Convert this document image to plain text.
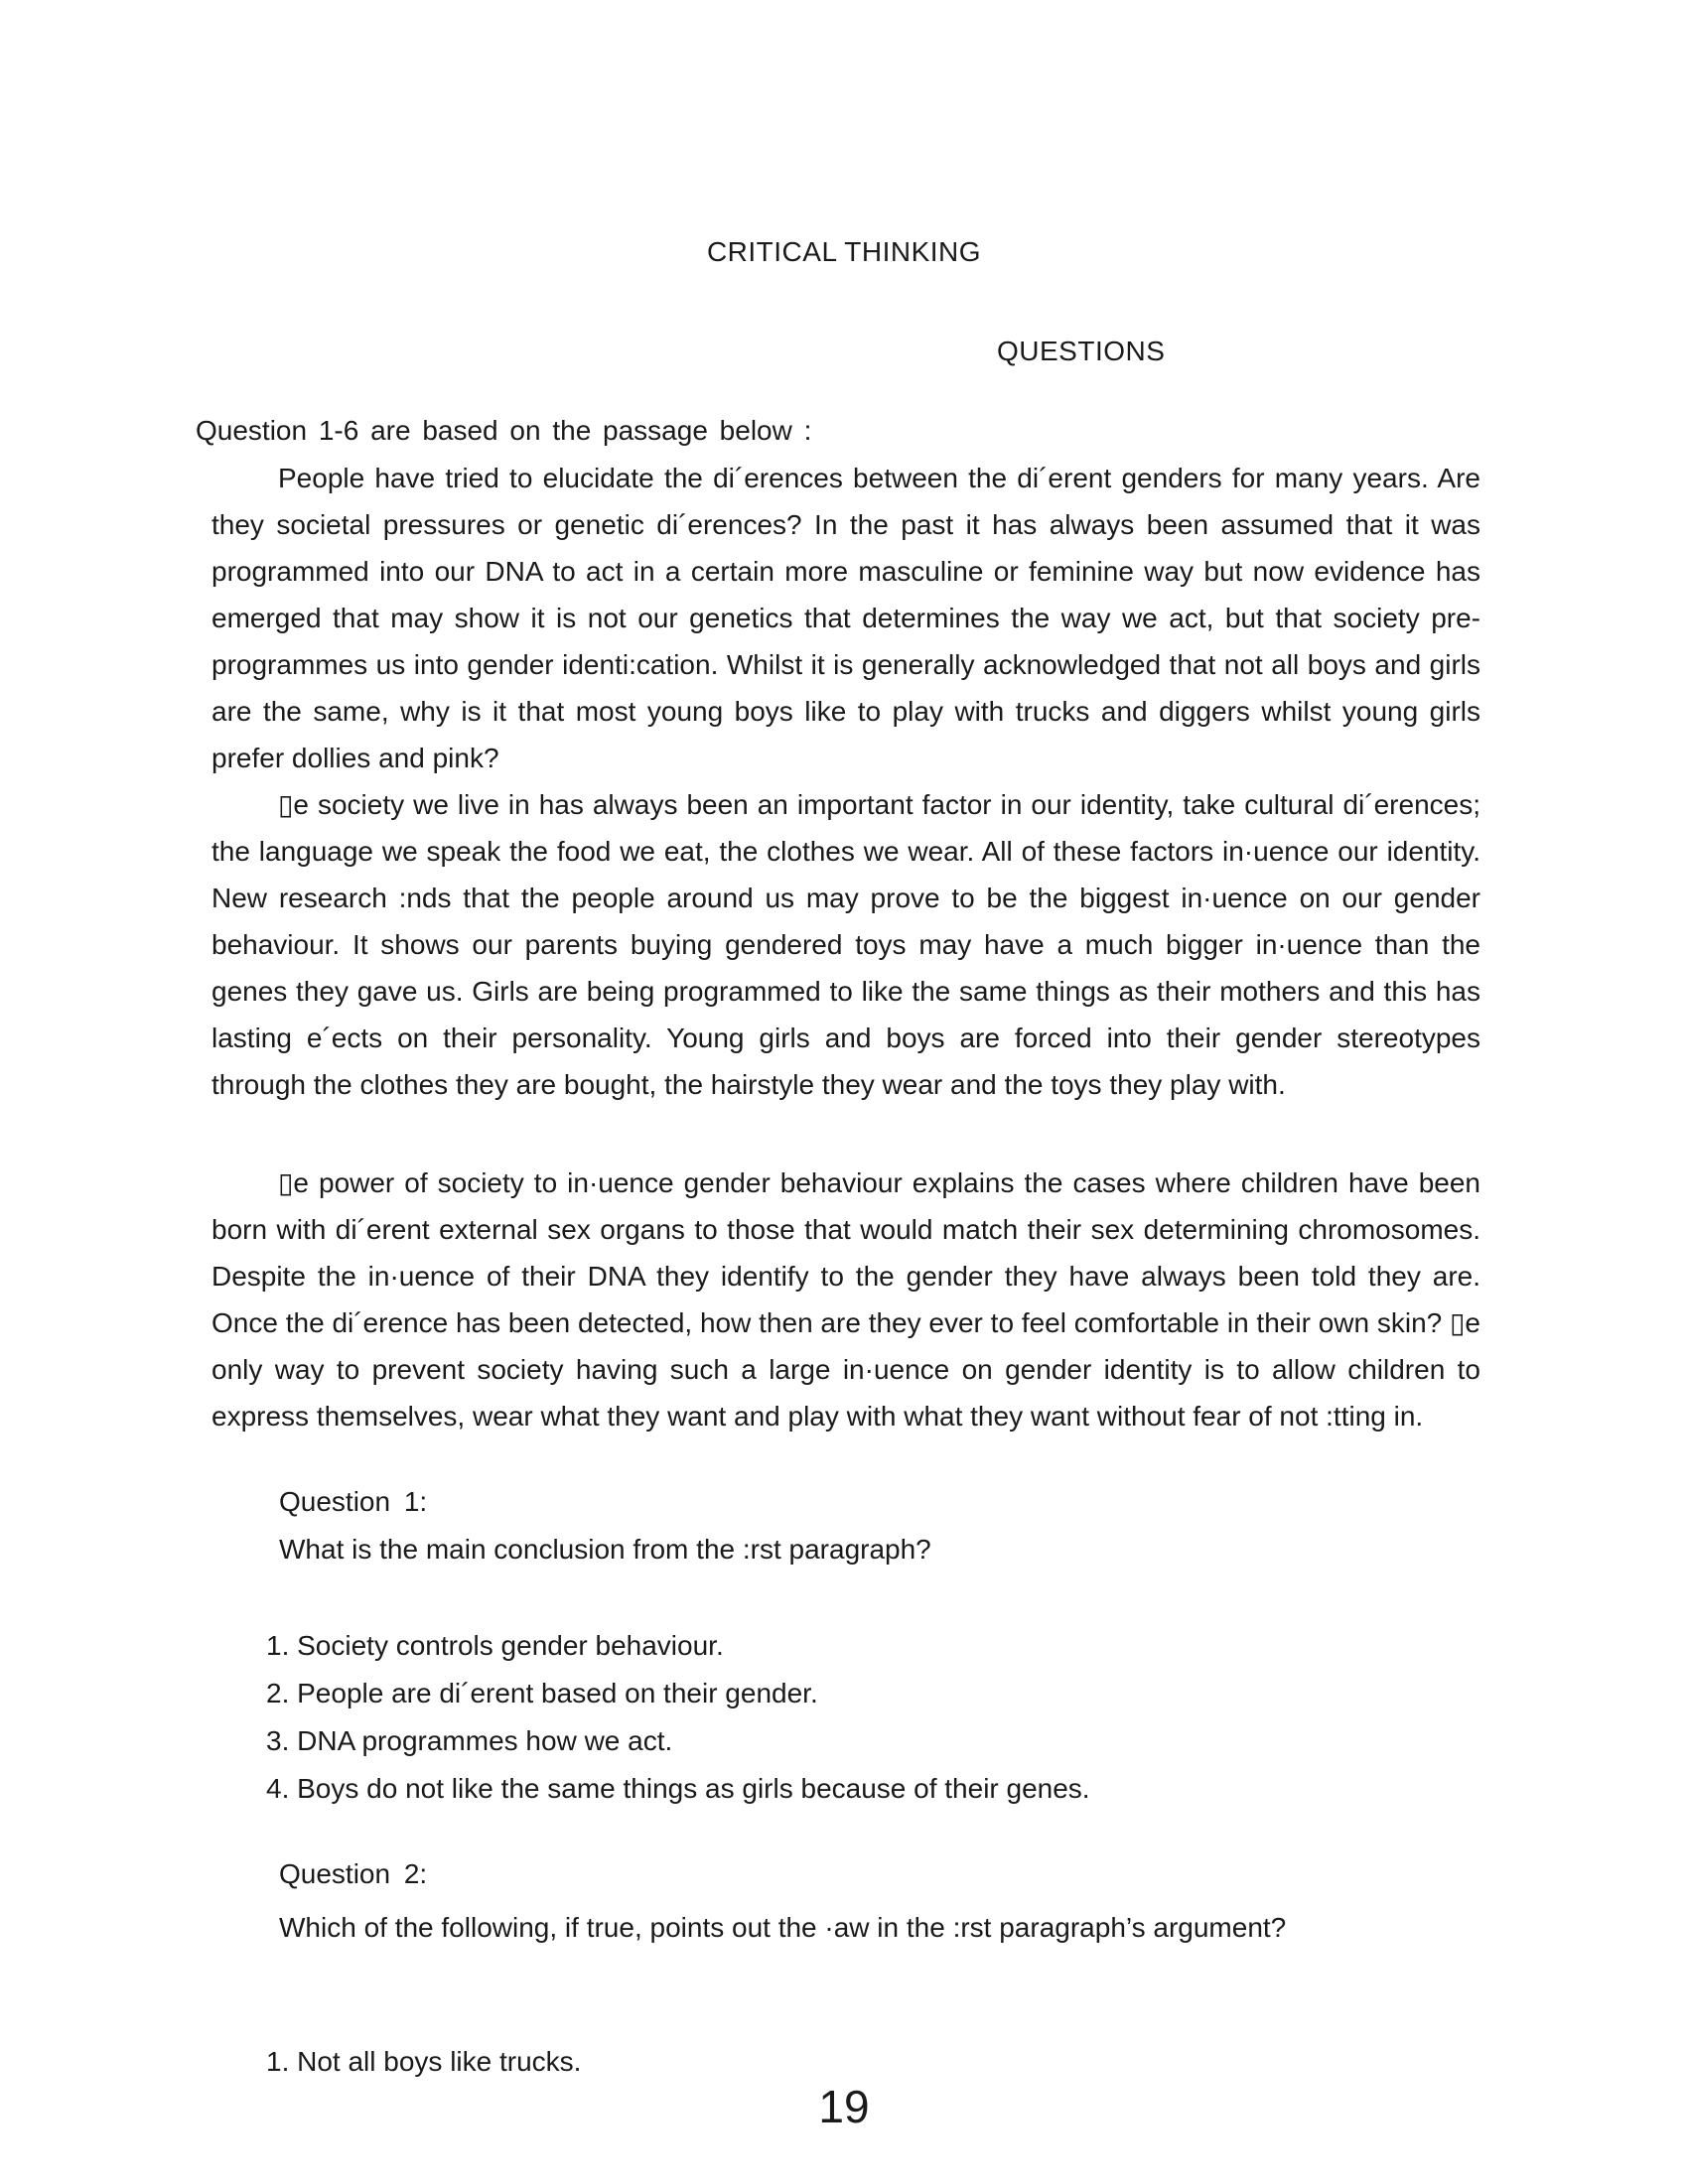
CRITICAL THINKING
QUESTIONS
Question 1-6 are based on the passage below :

People have tried to elucidate the di´erences between the di´erent genders for many years. Are they societal pressures or genetic di´erences? In the past it has always been assumed that it was programmed into our DNA to act in a certain more masculine or feminine way but now evidence has emerged that may show it is not our genetics that determines the way we act, but that society pre-programmes us into gender identi:cation. Whilst it is generally acknowledged that not all boys and girls are the same, why is it that most young boys like to play with trucks and diggers whilst young girls prefer dollies and pink?

▯e society we live in has always been an important factor in our identity, take cultural di´erences; the language we speak the food we eat, the clothes we wear. All of these factors in·uence our identity. New research :nds that the people around us may prove to be the biggest in·uence on our gender behaviour. It shows our parents buying gendered toys may have a much bigger in·uence than the genes they gave us. Girls are being programmed to like the same things as their mothers and this has lasting e´ects on their personality. Young girls and boys are forced into their gender stereotypes through the clothes they are bought, the hairstyle they wear and the toys they play with.

▯e power of society to in·uence gender behaviour explains the cases where children have been born with di´erent external sex organs to those that would match their sex determining chromosomes. Despite the in·uence of their DNA they identify to the gender they have always been told they are. Once the di´erence has been detected, how then are they ever to feel comfortable in their own skin? ▯e only way to prevent society having such a large in·uence on gender identity is to allow children to express themselves, wear what they want and play with what they want without fear of not :tting in.

Question 1:
What is the main conclusion from the :rst paragraph?
1. Society controls gender behaviour.
2. People are di´erent based on their gender.
3. DNA programmes how we act.
4. Boys do not like the same things as girls because of their genes.
Question 2:
Which of the following, if true, points out the ·aw in the :rst paragraph’s argument?
1. Not all boys like trucks.
19
